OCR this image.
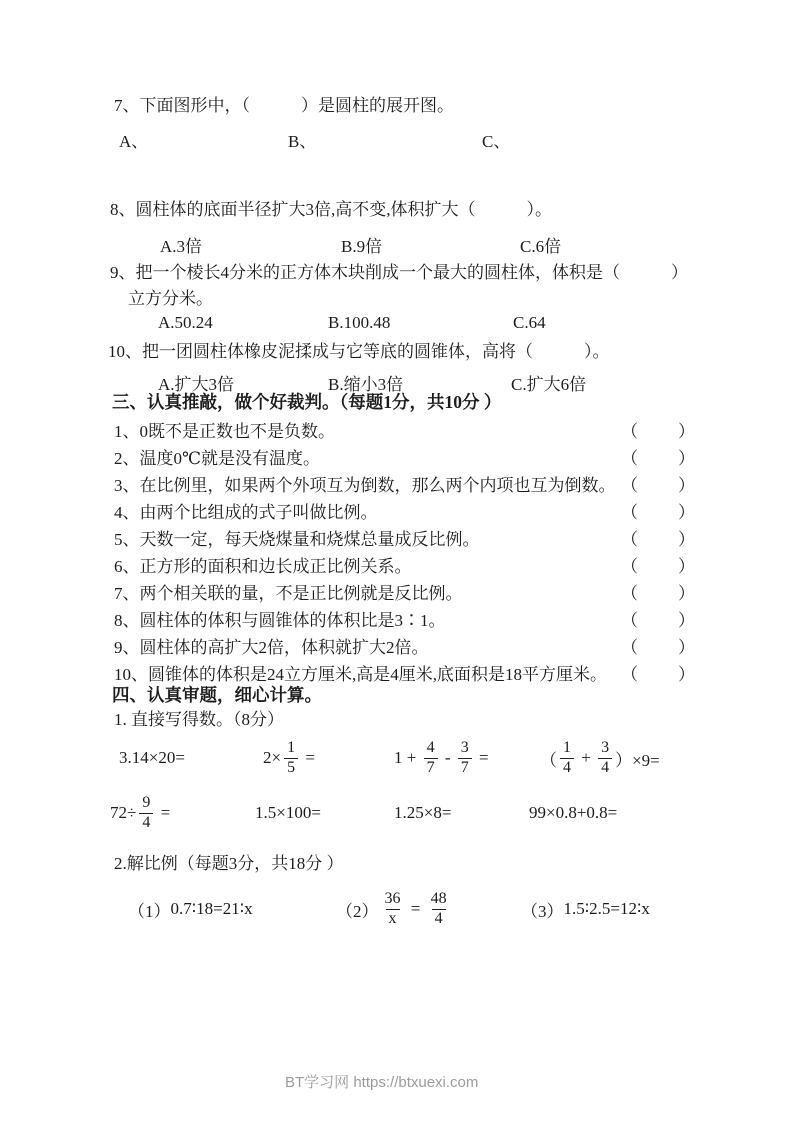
7、下面图形中，（　　　）是圆柱的展开图。
A、	B、	C、
8、圆柱体的底面半径扩大3倍,高不变,体积扩大（　　　）。
A.3倍	B.9倍	C.6倍
9、把一个棱长4分米的正方体木块削成一个最大的圆柱体，体积是（　　　）
立方分米。
A.50.24	B.100.48	C.64
10、把一团圆柱体橡皮泥揉成与它等底的圆锥体，高将（　　　）。
A.扩大3倍	B.缩小3倍	C.扩大6倍
三、认真推敲，做个好裁判。（每题1分，共10分 ）
1、0既不是正数也不是负数。	（　　）
2、温度0℃就是没有温度。	（　　）
3、在比例里，如果两个外项互为倒数，那么两个内项也互为倒数。 （　　）
4、由两个比组成的式子叫做比例。	（　　）
5、天数一定，每天烧煤量和烧煤总量成反比例。	（　　）
6、正方形的面积和边长成正比例关系。	（　　）
7、两个相关联的量，不是正比例就是反比例。	（　　）
8、圆柱体的体积与圆锥体的体积比是3∶1。	（　　）
9、圆柱体的高扩大2倍，体积就扩大2倍。	（　　）
10、圆锥体的体积是24立方厘米,高是4厘米,底面积是18平方厘米。 （　　）
四、认真审题，细心计算。
1. 直接写得数。（8分）
3.14×20=	$2\times \frac{1}{5}$ =	$1 + \frac{4}{7} - \frac{3}{7}$ =	（ $\frac{1}{4} + \frac{3}{4} )\times 9=$
$72\div \frac{9}{4}$ =	1.5×100=	1.25×8=	99×0.8+0.8=
2.解比例（每题3分，共18分 ）
（1） 0.7∶18=21∶x	$(2) \frac{36}{x} = \frac{48}{4}$	（3） 1.5∶2.5=12∶x
BT学习网 https://btxuexi.com
